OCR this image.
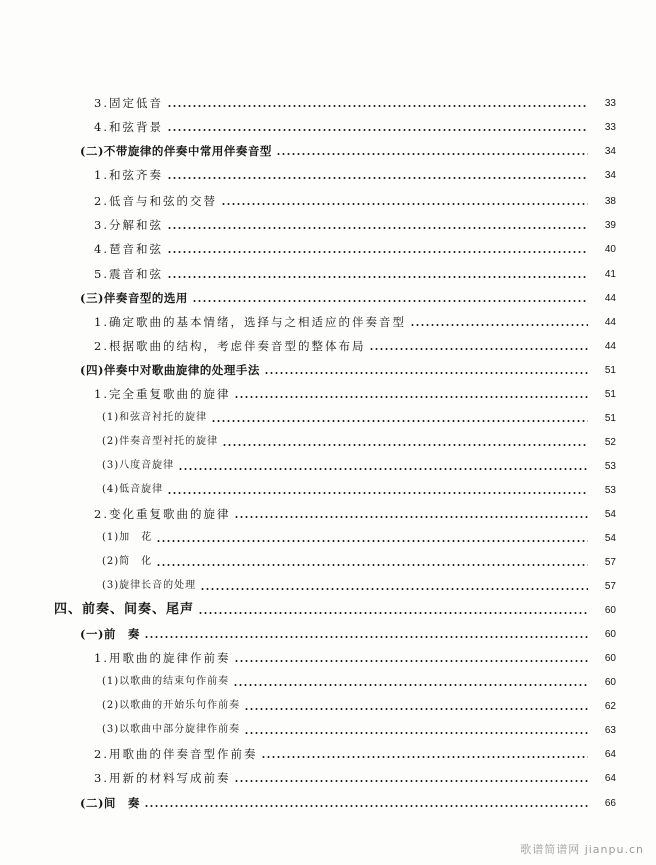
3.固定低音	33
4.和弦背景	33
(二)不带旋律的伴奏中常用伴奏音型	34
1.和弦齐奏	34
2.低音与和弦的交替	38
3.分解和弦	39
4.琶音和弦	40
5.震音和弦	41
(三)伴奏音型的选用	44
1.确定歌曲的基本情绪，选择与之相适应的伴奏音型	44
2.根据歌曲的结构，考虑伴奏音型的整体布局	44
(四)伴奏中对歌曲旋律的处理手法	51
1.完全重复歌曲的旋律	51
(1)和弦音衬托的旋律	51
(2)伴奏音型衬托的旋律	52
(3)八度音旋律	53
(4)低音旋律	53
2.变化重复歌曲的旋律	54
(1)加　花	54
(2)简　化	57
(3)旋律长音的处理	57
四、前奏、间奏、尾声	60
(一)前　奏	60
1.用歌曲的旋律作前奏	60
(1)以歌曲的结束句作前奏	60
(2)以歌曲的开始乐句作前奏	62
(3)以歌曲中部分旋律作前奏	63
2.用歌曲的伴奏音型作前奏	64
3.用新的材料写成前奏	64
(二)间　奏	66
歌谱简谱网 jianpu.cn
